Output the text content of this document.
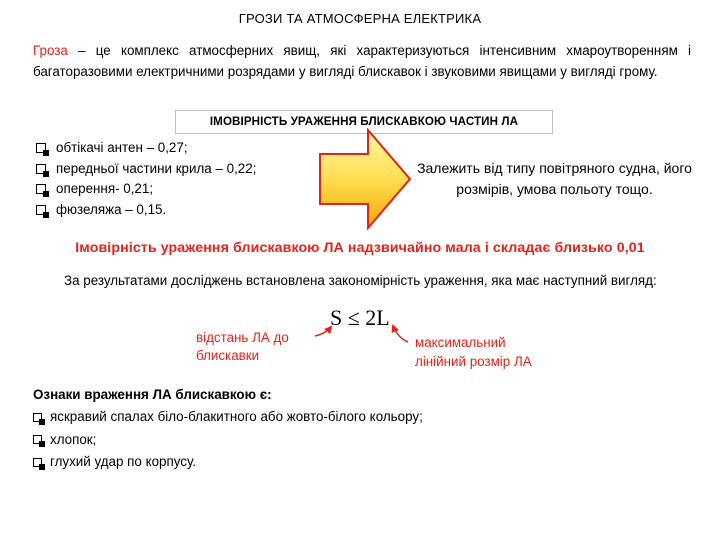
ГРОЗИ ТА АТМОСФЕРНА ЕЛЕКТРИКА
Гроза – це комплекс атмосферних явищ, які характеризуються інтенсивним хмароутворенням і багаторазовими електричними розрядами у вигляді блискавок і звуковими явищами у вигляді грому.
ІМОВІРНІСТЬ УРАЖЕННЯ БЛИСКАВКОЮ ЧАСТИН ЛА
обтікачі антен – 0,27;
передньої частини крила – 0,22;
оперення- 0,21;
фюзеляжа – 0,15.
Залежить від типу повітряного судна, його розмірів, умова польоту тощо.
Імовірність ураження блискавкою ЛА надзвичайно мала і складає близько 0,01
За результатами досліджень встановлена закономірність ураження, яка має наступний вигляд:
S ≤ 2L
відстань ЛА до
блискавки
максимальний
лінійний розмір ЛА
Ознаки враження ЛА блискавкою є:
яскравий спалах біло-блакитного або жовто-білого кольору;
хлопок;
глухий удар по корпусу.
